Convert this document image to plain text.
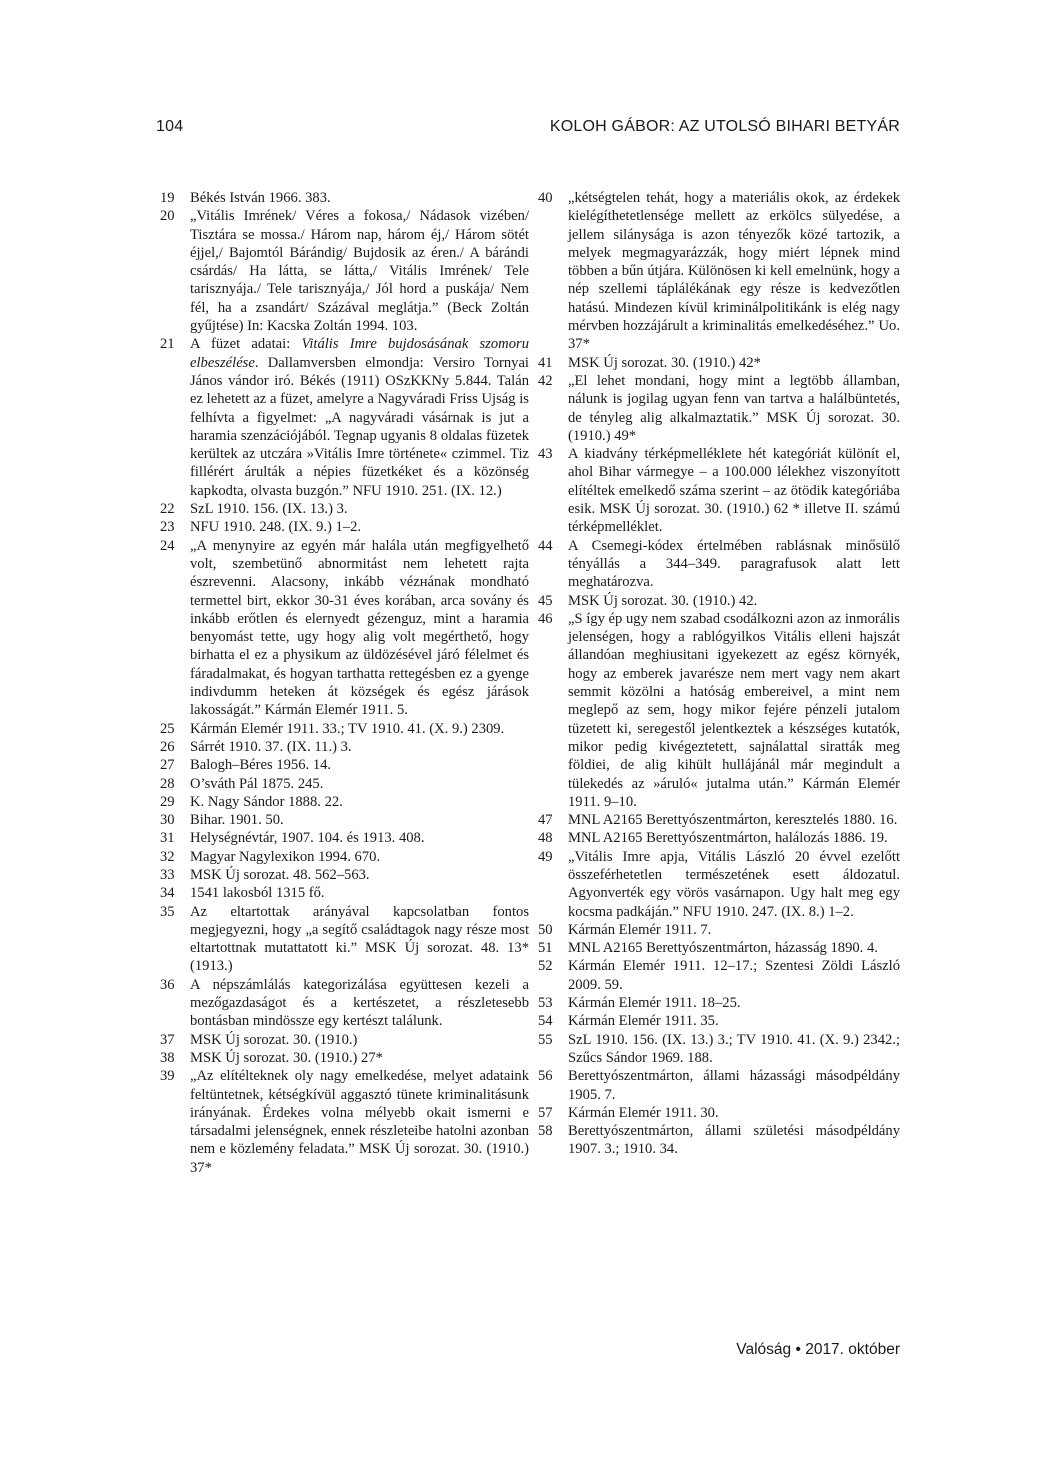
104	KOLOH GÁBOR: AZ UTOLSÓ BIHARI BETYÁR
19	Békés István 1966. 383.
20	„Vitális Imrének/ Véres a fokosa,/ Nádasok vizében/ Tisztára se mossa./ Három nap, három éj,/ Három sötét éjjel,/ Bajomtól Bárándig/ Bujdosik az éren./ A bárándi csárdás/ Ha látta, se látta,/ Vitális Imrének/ Tele tarisznyája./ Tele tarisznyája,/ Jól hord a puskája/ Nem fél, ha a zsandárt/ Százával meglátja.” (Beck Zoltán gyűjtése) In: Kacska Zoltán 1994. 103.
21	A füzet adatai: Vitális Imre bujdosásának szomoru elbeszélése. Dallamversben elmondja: Versiro Tornyai János vándor iró. Békés (1911) OSzKKNy 5.844. Talán ez lehetett az a füzet, amelyre a Nagyváradi Friss Ujság is felhívta a figyelmet: „A nagyváradi vásárnak is jut a haramia szenzációjából. Tegnap ugyanis 8 oldalas füzetek kerültek az utczára »Vitális Imre története« czimmel. Tiz fillérért árulták a népies füzetkéket és a közönség kapkodta, olvasta buzgón.” NFU 1910. 251. (IX. 12.)
22	SzL 1910. 156. (IX. 13.) 3.
23	NFU 1910. 248. (IX. 9.) 1–2.
24	„A menynyire az egyén már halála után megfigyelhető volt, szembetünő abnormitást nem lehetett rajta észrevenni. Alacsony, inkább vézнának mondható termettel birt, ekkor 30-31 éves korában, arca sovány és inkább erőtlen és elernyedt gézenguz, mint a haramia benyomást tette, ugy hogy alig volt megérthető, hogy birhatta el ez a physikum az üldözésével járó félelmet és fáradalmakat, és hogyan tarthatta rettegésben ez a gyenge indivdumm heteken át községek és egész járások lakosságát.” Kármán Elemér 1911. 5.
25	Kármán Elemér 1911. 33.; TV 1910. 41. (X. 9.) 2309.
26	Sárrét 1910. 37. (IX. 11.) 3.
27	Balogh–Béres 1956. 14.
28	O’sváth Pál 1875. 245.
29	K. Nagy Sándor 1888. 22.
30	Bihar. 1901. 50.
31	Helységnévtár, 1907. 104. és 1913. 408.
32	Magyar Nagylexikon 1994. 670.
33	MSK Új sorozat. 48. 562–563.
34	1541 lakosból 1315 fő.
35	Az eltartottak arányával kapcsolatban fontos megjegyezni, hogy „a segítő családtagok nagy része most eltartottnak mutattatott ki.” MSK Új sorozat. 48. 13* (1913.)
36	A népszámlálás kategorizálása együttesen kezeli a mezőgazdaságot és a kertészetet, a részletesebb bontásban mindössze egy kertészt találunk.
37	MSK Új sorozat. 30. (1910.)
38	MSK Új sorozat. 30. (1910.) 27*
39	„Az elítélteknek oly nagy emelkedése, melyet adataink feltüntetnek, kétségkívül aggasztó tünete kriminalitásunk irányának. Érdekes volna mélyebb okait ismerni e társadalmi jelenségnek, ennek részleteibe hatolni azonban nem e közlemény feladata.” MSK Új sorozat. 30. (1910.) 37*
40	„kétségtelen tehát, hogy a materiális okok, az érdekek kielégíthetetlensége mellett az erkölcs sülyedése, a jellem silánysága is azon tényezők közé tartozik, a melyek megmagyarázzák, hogy miért lépnek mind többen a bűn útjára. Különösen ki kell emelnünk, hogy a nép szellemi táplálékának egy része is kedvezőtlen hatású. Mindezen kívül kriminálpolitikánk is elég nagy mérvben hozzájárult a kriminalitás emelkedéséhez.” Uo. 37*
41	MSK Új sorozat. 30. (1910.) 42*
42	„El lehet mondani, hogy mint a legtöbb államban, nálunk is jogilag ugyan fenn van tartva a halálbüntetés, de tényleg alig alkalmaztatik.” MSK Új sorozat. 30. (1910.) 49*
43	A kiadvány térképmelléklete hét kategóriát különít el, ahol Bihar vármegye – a 100.000 lélekhez viszonyított elítéltek emelkedő száma szerint – az ötödik kategóriába esik. MSK Új sorozat. 30. (1910.) 62 * illetve II. számú térképmelléklet.
44	A Csemegi-kódex értelmében rablásnak minősülő tényállás a 344–349. paragrafusok alatt lett meghatározva.
45	MSK Új sorozat. 30. (1910.) 42.
46	„S így ép ugy nem szabad csodálkozni azon az inmorális jelenségen, hogy a rablógyilkos Vitális elleni hajszát állandóan meghiusitani igyekezett az egész környék, hogy az emberek javarésze nem mert vagy nem akart semmit közölni a hatóság embereivel, a mint nem meglepő az sem, hogy mikor fejére pénzeli jutalom tüzetett ki, seregestől jelentkeztek a készséges kutatók, mikor pedig kivégeztetett, sajnálattal siratták meg földiei, de alig kihült hullájánál már megindult a tülekedés az »áruló« jutalma után.” Kármán Elemér 1911. 9–10.
47	MNL A2165 Berettyószentmárton, keresztelés 1880. 16.
48	MNL A2165 Berettyószentmárton, halálozás 1886. 19.
49	„Vitális Imre apja, Vitális László 20 évvel ezelőtt összeférhetetlen természetének esett áldozatul. Agyonverték egy vörös vasárnapon. Ugy halt meg egy kocsma padkáján.” NFU 1910. 247. (IX. 8.) 1–2.
50	Kármán Elemér 1911. 7.
51	MNL A2165 Berettyószentmárton, házasság 1890. 4.
52	Kármán Elemér 1911. 12–17.; Szentesi Zöldi László 2009. 59.
53	Kármán Elemér 1911. 18–25.
54	Kármán Elemér 1911. 35.
55	SzL 1910. 156. (IX. 13.) 3.; TV 1910. 41. (X. 9.) 2342.; Szűcs Sándor 1969. 188.
56	Berettyószentmárton, állami házassági másodpéldány 1905. 7.
57	Kármán Elemér 1911. 30.
58	Berettyószentmárton, állami születési másodpéldány 1907. 3.; 1910. 34.
Valóság • 2017. október
